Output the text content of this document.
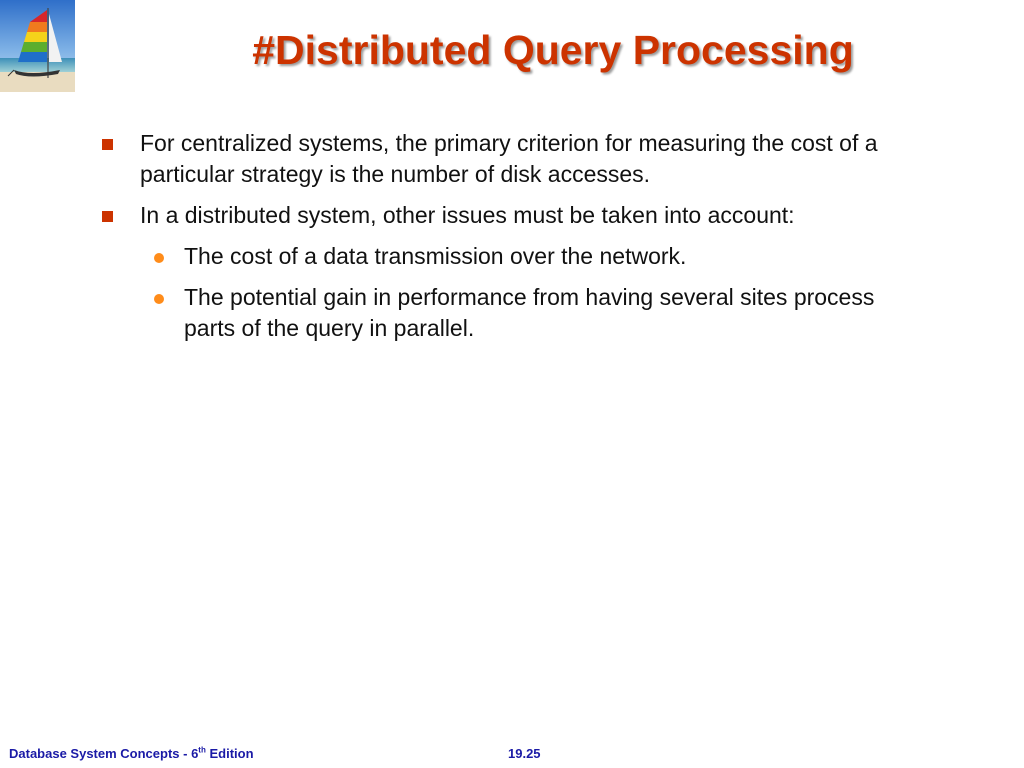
#Distributed Query Processing
For centralized systems, the primary criterion for measuring the cost of a particular strategy is the number of disk accesses.
In a distributed system, other issues must be taken into account:
The cost of a data transmission over the network.
The potential gain in performance from having several sites process parts of the query in parallel.
Database System Concepts - 6th Edition	19.25
